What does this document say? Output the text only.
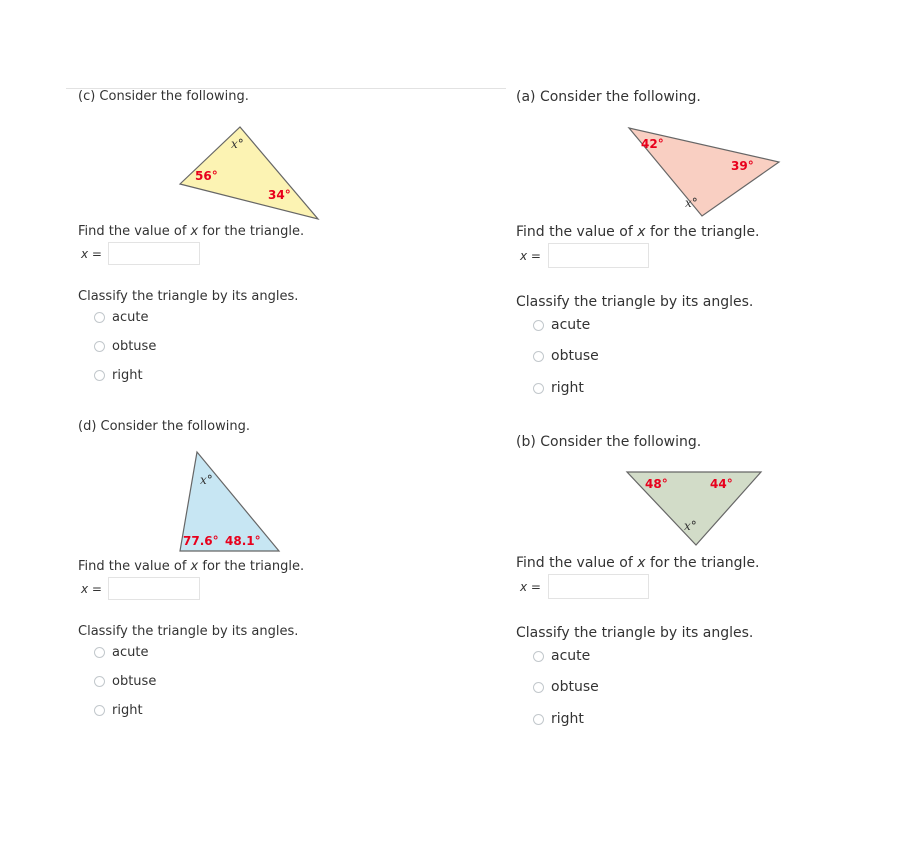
(c) Consider the following.
x°
56°
34°
Find the value of x for the triangle.
x =
Classify the triangle by its angles.
acute
obtuse
right
(d) Consider the following.
x°
77.6° 48.1°
Find the value of x for the triangle.
x =
Classify the triangle by its angles.
acute
obtuse
right
(a) Consider the following.
42°
39°
x°
Find the value of x for the triangle.
x =
Classify the triangle by its angles.
acute
obtuse
right
(b) Consider the following.
48°	44°
x°
Find the value of x for the triangle.
x =
Classify the triangle by its angles.
acute
obtuse
right
